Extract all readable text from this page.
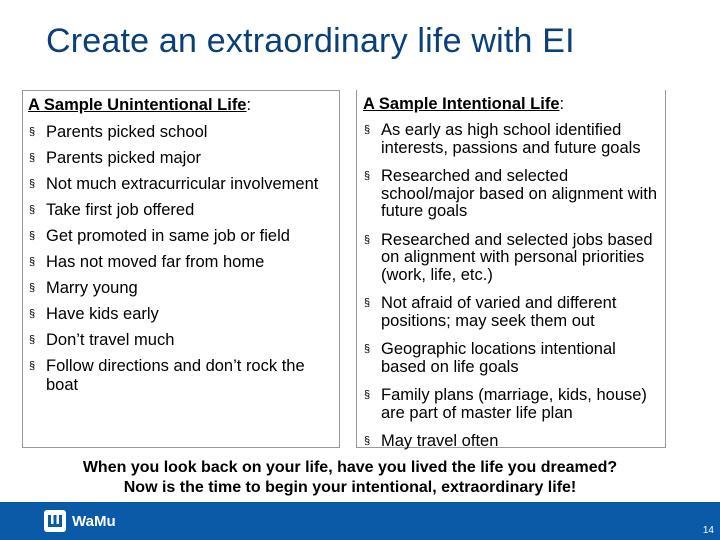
Create an extraordinary life with EI

A Sample Unintentional Life:

§ Parents picked school
§ Parents picked major
§ Not much extracurricular involvement
§ Take first job offered
§ Get promoted in same job or field
§ Has not moved far from home
§ Marry young
§ Have kids early
§ Don’t travel much
§ Follow directions and don’t rock the boat

A Sample Intentional Life:

§ As early as high school identified interests, passions and future goals
§ Researched and selected school/major based on alignment with future goals
§ Researched and selected jobs based on alignment with personal priorities (work, life, etc.)
§ Not afraid of varied and different positions; may seek them out
§ Geographic locations intentional based on life goals
§ Family plans (marriage, kids, house) are part of master life plan
§ May travel often
When you look back on your life, have you lived the life you dreamed?
Now is the time to begin your intentional, extraordinary life!
WaMu
14
